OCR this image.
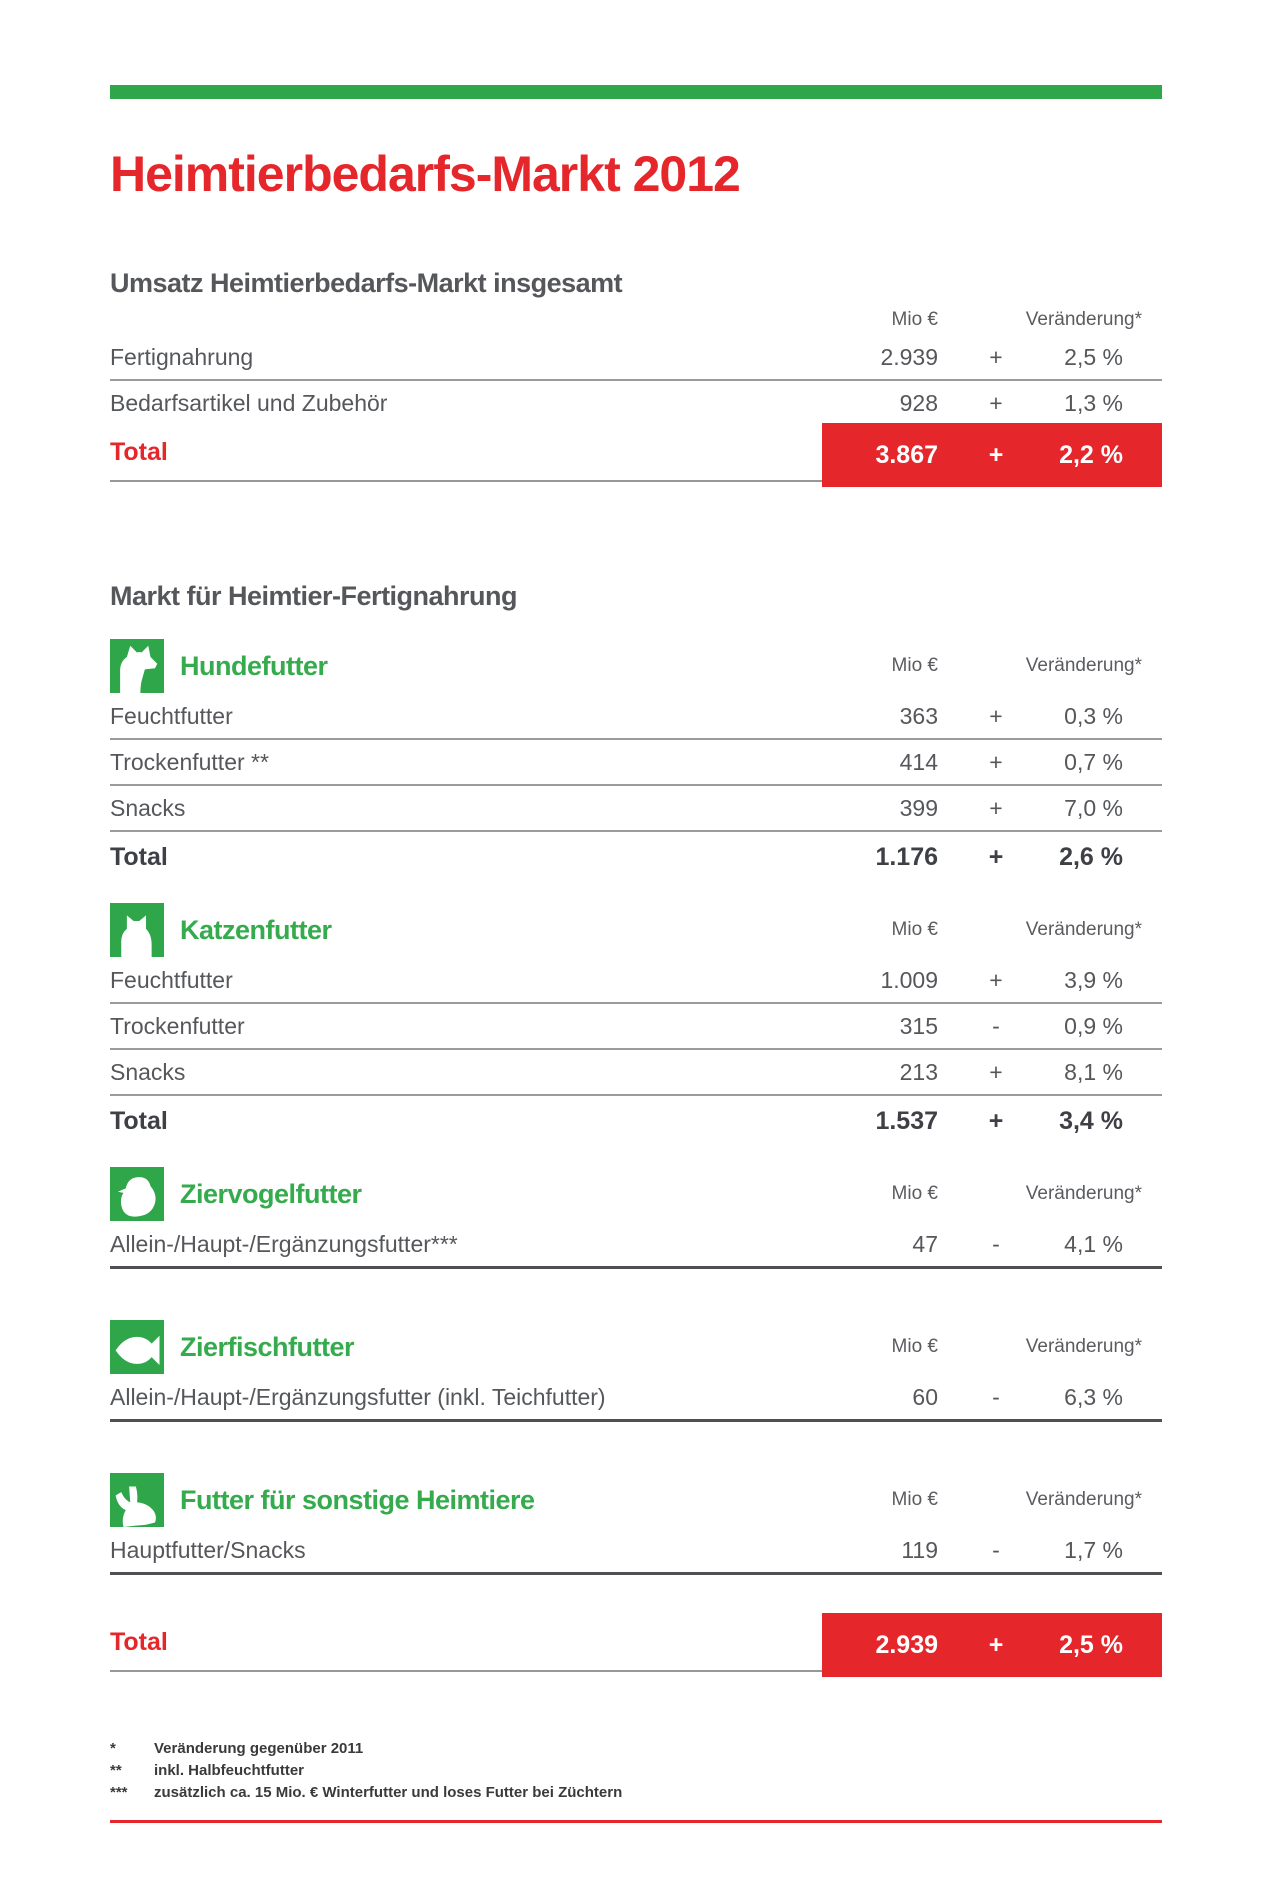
Heimtierbedarfs-Markt 2012
Umsatz Heimtierbedarfs-Markt insgesamt
Mio €	Veränderung*
Fertignahrung	2.939	+	2,5 %
Bedarfsartikel und Zubehör	928	+	1,3 %
Total	3.867	+	2,2 %
Markt für Heimtier-Fertignahrung
Hundefutter	Mio €	Veränderung*
Feuchtfutter	363	+	0,3 %
Trockenfutter **	414	+	0,7 %
Snacks	399	+	7,0 %
Total	1.176	+	2,6 %
Katzenfutter	Mio €	Veränderung*
Feuchtfutter	1.009	+	3,9 %
Trockenfutter	315	-	0,9 %
Snacks	213	+	8,1 %
Total	1.537	+	3,4 %
Ziervogelfutter	Mio €	Veränderung*
Allein-/Haupt-/Ergänzungsfutter***	47	-	4,1 %
Zierfischfutter	Mio €	Veränderung*
Allein-/Haupt-/Ergänzungsfutter (inkl. Teichfutter)	60	-	6,3 %
Futter für sonstige Heimtiere	Mio €	Veränderung*
Hauptfutter/Snacks	119	-	1,7 %
Total	2.939	+	2,5 %
*	Veränderung gegenüber 2011
**	inkl. Halbfeuchtfutter
***	zusätzlich ca. 15 Mio. € Winterfutter und loses Futter bei Züchtern
